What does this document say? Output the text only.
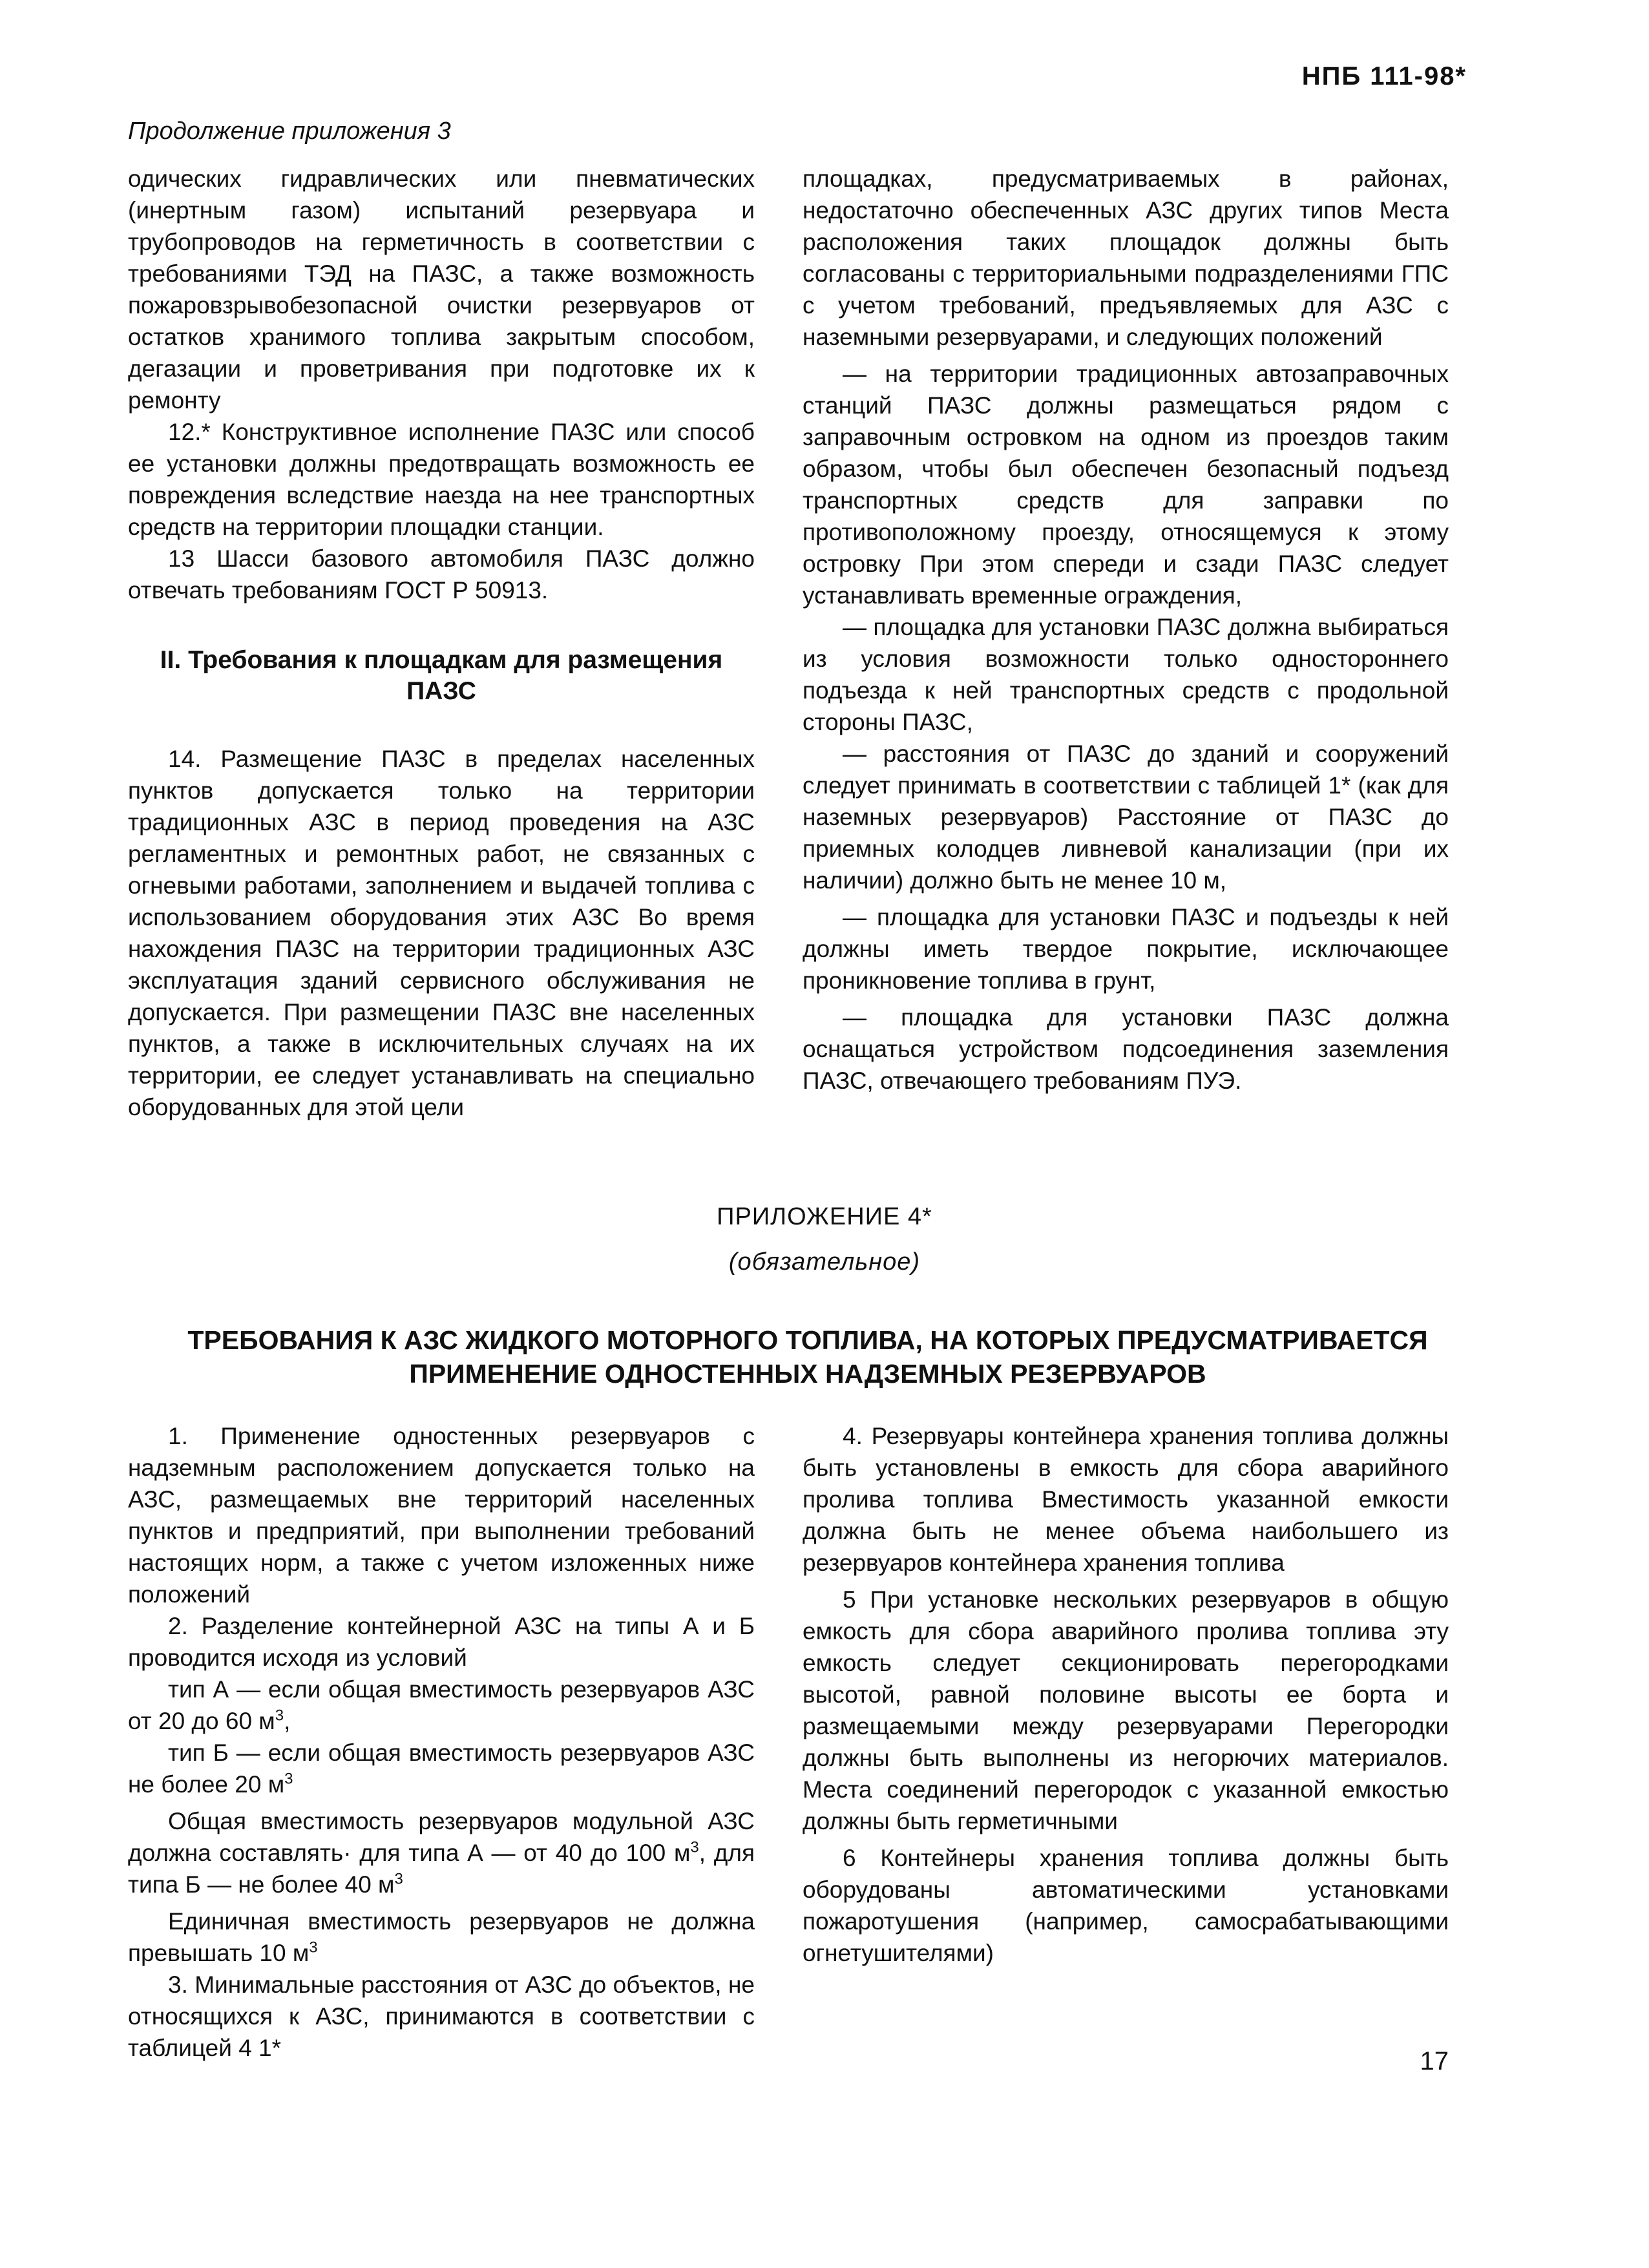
НПБ 111-98*
Продолжение приложения 3

одических гидравлических или пневматических (инертным газом) испытаний резервуара и трубопроводов на герметичность в соответствии с требованиями ТЭД на ПАЗС, а также возможность пожаровзрывобезопасной очистки резервуаров от остатков хранимого топлива закрытым способом, дегазации и проветривания при подготовке их к ремонту

12.* Конструктивное исполнение ПАЗС или способ ее установки должны предотвращать возможность ее повреждения вследствие наезда на нее транспортных средств на территории площадки станции.

13 Шасси базового автомобиля ПАЗС должно отвечать требованиям ГОСТ Р 50913.

II. Требования к площадкам для размещения ПАЗС

14. Размещение ПАЗС в пределах населенных пунктов допускается только на территории традиционных АЗС в период проведения на АЗС регламентных и ремонтных работ, не связанных с огневыми работами, заполнением и выдачей топлива с использованием оборудования этих АЗС Во время нахождения ПАЗС на территории традиционных АЗС эксплуатация зданий сервисного обслуживания не допускается. При размещении ПАЗС вне населенных пунктов, а также в исключительных случаях на их территории, ее следует устанавливать на специально оборудованных для этой цели

площадках, предусматриваемых в районах, недостаточно обеспеченных АЗС других типов Места расположения таких площадок должны быть согласованы с территориальными подразделениями ГПС с учетом требований, предъявляемых для АЗС с наземными резервуарами, и следующих положений

— на территории традиционных автозаправочных станций ПАЗС должны размещаться рядом с заправочным островком на одном из проездов таким образом, чтобы был обеспечен безопасный подъезд транспортных средств для заправки по противоположному проезду, относящемуся к этому островку При этом спереди и сзади ПАЗС следует устанавливать временные ограждения,

— площадка для установки ПАЗС должна выбираться из условия возможности только одностороннего подъезда к ней транспортных средств с продольной стороны ПАЗС,

— расстояния от ПАЗС до зданий и сооружений следует принимать в соответствии с таблицей 1* (как для наземных резервуаров) Расстояние от ПАЗС до приемных колодцев ливневой канализации (при их наличии) должно быть не менее 10 м,

— площадка для установки ПАЗС и подъезды к ней должны иметь твердое покрытие, исключающее проникновение топлива в грунт,

— площадка для установки ПАЗС должна оснащаться устройством подсоединения заземления ПАЗС, отвечающего требованиям ПУЭ.

ПРИЛОЖЕНИЕ 4*
(обязательное)
ТРЕБОВАНИЯ К АЗС ЖИДКОГО МОТОРНОГО ТОПЛИВА, НА КОТОРЫХ ПРЕДУСМАТРИВАЕТСЯ ПРИМЕНЕНИЕ ОДНОСТЕННЫХ НАДЗЕМНЫХ РЕЗЕРВУАРОВ

1. Применение одностенных резервуаров с надземным расположением допускается только на АЗС, размещаемых вне территорий населенных пунктов и предприятий, при выполнении требований настоящих норм, а также с учетом изложенных ниже положений

2. Разделение контейнерной АЗС на типы А и Б проводится исходя из условий

тип А — если общая вместимость резервуаров АЗС от 20 до 60 $м^3$,

тип Б — если общая вместимость резервуаров АЗС не более 20 $м^3$

Общая вместимость резервуаров модульной АЗС должна составлять· для типа А — от 40 до 100 $м^3$, для типа Б — не более 40 $м^3$

Единичная вместимость резервуаров не должна превышать 10 $м^3$

3. Минимальные расстояния от АЗС до объектов, не относящихся к АЗС, принимаются в соответствии с таблицей 4 1*

4. Резервуары контейнера хранения топлива должны быть установлены в емкость для сбора аварийного пролива топлива Вместимость указанной емкости должна быть не менее объема наибольшего из резервуаров контейнера хранения топлива

5 При установке нескольких резервуаров в общую емкость для сбора аварийного пролива топлива эту емкость следует секционировать перегородками высотой, равной половине высоты ее борта и размещаемыми между резервуарами Перегородки должны быть выполнены из негорючих материалов. Места соединений перегородок с указанной емкостью должны быть герметичными

6 Контейнеры хранения топлива должны быть оборудованы автоматическими установками пожаротушения (например, самосрабатывающими огнетушителями)

17
